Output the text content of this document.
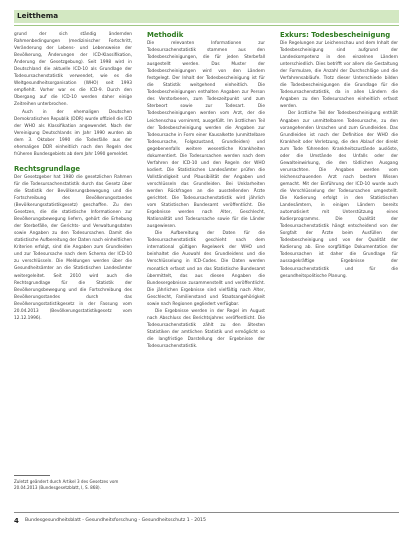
Leitthema

grund der sich ständig ändernden Rahmenbedingungen (medizinischer Fortschritt, Veränderung der Lebens- und Lebensweise der Bevölkerung, Änderungen der ICD-Klassifikation, Änderung der Gesetzgebung). Seit 1998 wird in Deutschland die aktuelle ICD-10 als Grundlage der Todesursachenstatistik verwendet, wie es die Weltgesundheitsorganisation (WHO) seit 1993 empfiehlt. Vorher war es die ICD-9. Durch den Übergang auf die ICD-10 werden daher einige Zeitreihen unterbrochen.

Auch in der ehemaligen Deutschen Demokratischen Republik (DDR) wurde offiziell die ICD der WHO als Klassifikation angewendet. Nach der Vereinigung Deutschlands im Jahr 1990 wurden ab dem 3. Oktober 1990 die Todesfälle aus der ehemaligen DDR einheitlich nach den Regeln des früheren Bundesgebiets ab dem Jahr 1990 gemeldet.

Rechtsgrundlage

Der Gesetzgeber hat 1980 die gesetzlichen Rahmen für die Todesursachenstatistik durch das Gesetz über die Statistik der Bevölkerungsbewegung und die Fortschreibung des Bevölkerungsstandes (Bevölkerungsstatistikgesetz) geschaffen. Zu den Gesetzen, die die statistische Informationen zur Bevölkerungsbewegung liefern, gehört die Erhebung der Sterbefälle, der Gerichts- und Verwaltungsdaten sowie Angaben zu den Todesursachen. Damit die statistische Aufbereitung der Daten nach einheitlichen Kriterien erfolgt, sind die Angaben zum Grundleiden und zur Todesursache nach dem Schema der ICD-10 zu verschlüsseln. Die Meldungen werden über die Gesundheitsämter an die Statistischen Landesämter weitergeleitet. Seit 2010 wird auch die Rechtsgrundlage für die Statistik der Bevölkerungsbewegung und die Fortschreibung des Bevölkerungsstandes durch das Bevölkerungsstatistikgesetz in der Fassung vom 20.04.2013 (Bevölkerungsstatistikgesetz vom 12.12.1996).

Methodik

Die relevanten Informationen zur Todesursachenstatistik stammen aus den Todesbescheinigungen, die für jeden Sterbefall ausgestellt werden. Das Muster der Todesbescheinigungen wird von den Ländern festgelegt. Der Inhalt der Todesbescheinigung ist für die Statistik weitgehend einheitlich. Die Todesbescheinigungen enthalten Angaben zur Person des Verstorbenen, zum Todeszeitpunkt und zum Sterbeort sowie zur Todesart. Die Todesbescheinigungen werden vom Arzt, der die Leichenschau vornimmt, ausgefüllt. Im ärztlichen Teil der Todesbescheinigung werden die Angaben zur Todesursache in Form einer Kausalkette (unmittelbare Todesursache, Folgezustand, Grundleiden) und gegebenenfalls weitere wesentliche Krankheiten dokumentiert. Die Todesursachen werden nach dem Verfahren der ICD-10 und den Regeln der WHO kodiert. Die Statistischen Landesämter prüfen die Vollständigkeit und Plausibilität der Angaben und verschlüsseln das Grundleiden. Bei Unklarheiten werden Rückfragen an die ausstellenden Ärzte gerichtet. Die Todesursachenstatistik wird jährlich vom Statistischen Bundesamt veröffentlicht. Die Ergebnisse werden nach Alter, Geschlecht, Nationalität und Todesursache sowie für die Länder ausgewiesen.

Die Aufbereitung der Daten für die Todesursachenstatistik geschieht nach dem international gültigen Regelwerk der WHO und beinhaltet die Auswahl des Grundleidens und die Verschlüsselung in ICD-Codes. Die Daten werden monatlich erfasst und an das Statistische Bundesamt übermittelt, das aus diesen Angaben die Bundesergebnisse zusammenstellt und veröffentlicht. Die jährlichen Ergebnisse sind vielfältig nach Alter, Geschlecht, Familienstand und Staatsangehörigkeit sowie nach Regionen gegliedert verfügbar.

Die Ergebnisse werden in der Regel im August nach Abschluss des Berichtsjahres veröffentlicht. Die Todesursachenstatistik zählt zu den ältesten Statistiken der amtlichen Statistik und ermöglicht so die langfristige Darstellung der Ergebnisse der Todesursachenstatistik.

Exkurs: Todesbescheinigung

Die Regelungen zur Leichenschau und dem Inhalt der Todesbescheinigung sind aufgrund der Landeskompetenz in den einzelnen Ländern unterschiedlich. Dies betrifft vor allem die Gestaltung der Formulare, die Anzahl der Durchschläge und die Verfahrensabläufe. Trotz dieser Unterschiede bilden die Todesbescheinigungen die Grundlage für die Todesursachenstatistik, da in allen Ländern die Angaben zu den Todesursachen einheitlich erfasst werden.

Der ärztliche Teil der Todesbescheinigung enthält Angaben zur unmittelbaren Todesursache, zu den vorangehenden Ursachen und zum Grundleiden. Das Grundleiden ist nach der Definition der WHO die Krankheit oder Verletzung, die den Ablauf der direkt zum Tode führenden Krankheitszustände auslöste, oder die Umstände des Unfalls oder der Gewalteinwirkung, die den tödlichen Ausgang verursachten. Die Angaben werden vom leichenschauenden Arzt nach bestem Wissen gemacht. Mit der Einführung der ICD-10 wurde auch die Verschlüsselung der Todesursachen umgestellt. Die Kodierung erfolgt in den Statistischen Landesämtern, in einigen Ländern bereits automatisiert mit Unterstützung eines Kodierprogramms. Die Qualität der Todesursachenstatistik hängt entscheidend von der Sorgfalt der Ärzte beim Ausfüllen der Todesbescheinigung und von der Qualität der Kodierung ab. Eine sorgfältige Dokumentation der Todesursachen ist daher die Grundlage für aussagekräftige Ergebnisse der Todesursachenstatistik und für die gesundheitspolitische Planung.

Zuletzt geändert durch Artikel 3 des Gesetzes vom 20.04.2013 (Bundesgesetzblatt, I, S. 868).

4 Bundesgesundheitsblatt - Gesundheitsforschung - Gesundheitsschutz 1 - 2015
